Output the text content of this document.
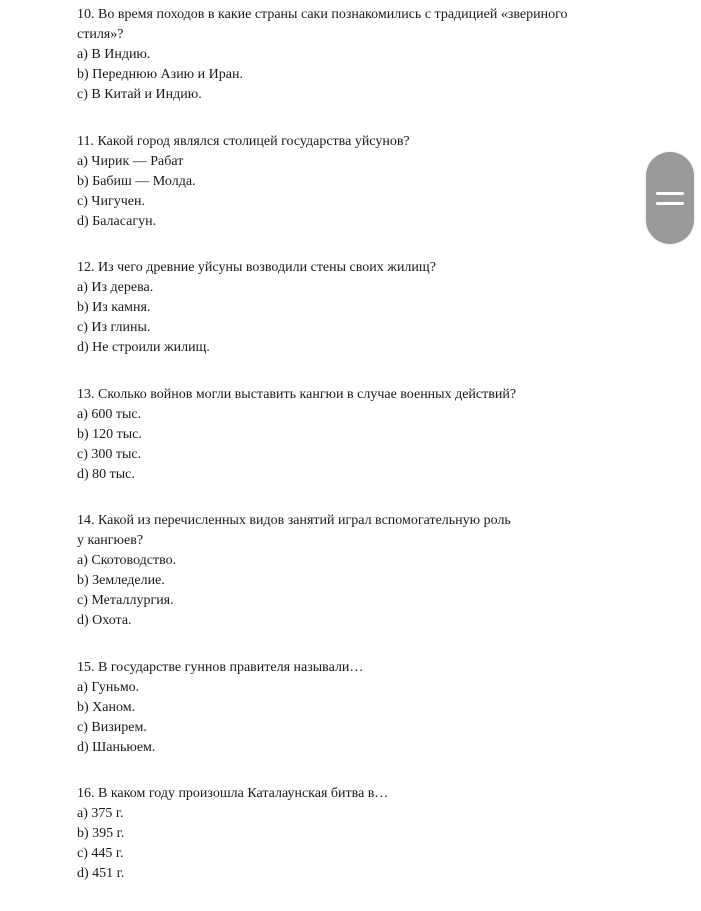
10. Во время походов в какие страны саки познакомились с традицией «звериного

стиля»?

a) В Индию.

b) Переднюю Азию и Иран.

c) В Китай и Индию.

11. Какой город являлся столицей государства уйсунов?

a) Чирик — Рабат

b) Бабиш — Молда.

c) Чигучен.

d) Баласагун.

12. Из чего древние уйсуны возводили стены своих жилищ?

a) Из дерева.

b) Из камня.

c) Из глины.

d) Не строили жилищ.

13. Сколько войнов могли выставить кангюи в случае военных действий?

a) 600 тыс.

b) 120 тыс.

c) 300 тыс.

d) 80 тыс.

14. Какой из перечисленных видов занятий играл вспомогательную роль

у кангюев?

a) Скотоводство.

b) Земледелие.

c) Металлургия.

d) Охота.

15. В государстве гуннов правителя называли…

a) Гуньмо.

b) Ханом.

c) Визирем.

d) Шаньюем.

16. В каком году произошла Каталаунская битва в…

a) 375 г.

b) 395 г.

c) 445 г.

d) 451 г.
